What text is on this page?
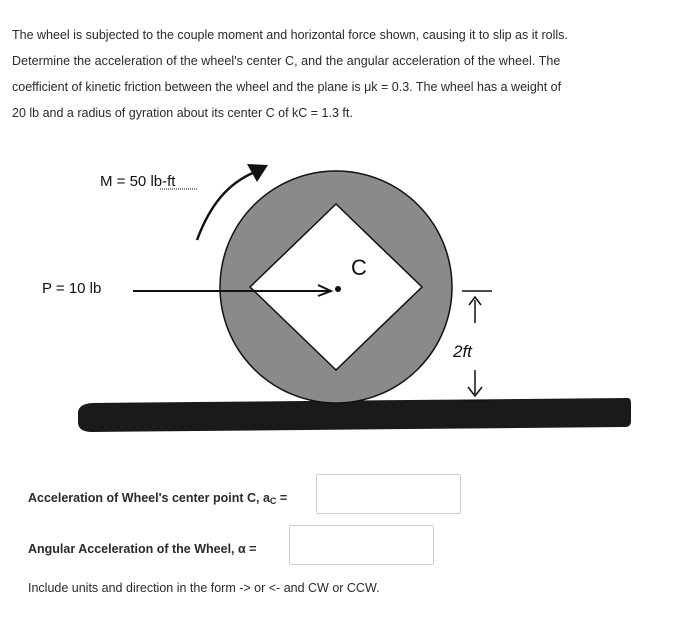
The wheel is subjected to the couple moment and horizontal force shown, causing it to slip as it rolls.
Determine the acceleration of the wheel's center C, and the angular acceleration of the wheel. The
coefficient of kinetic friction between the wheel and the plane is μk = 0.3. The wheel has a weight of
20 lb and a radius of gyration about its center C of kC = 1.3 ft.
M = 50 lb-ft
P = 10 lb
C
2ft
Acceleration of Wheel's center point C, $a_C$ =
Angular Acceleration of the Wheel, α =
Include units and direction in the form -> or <- and CW or CCW.
